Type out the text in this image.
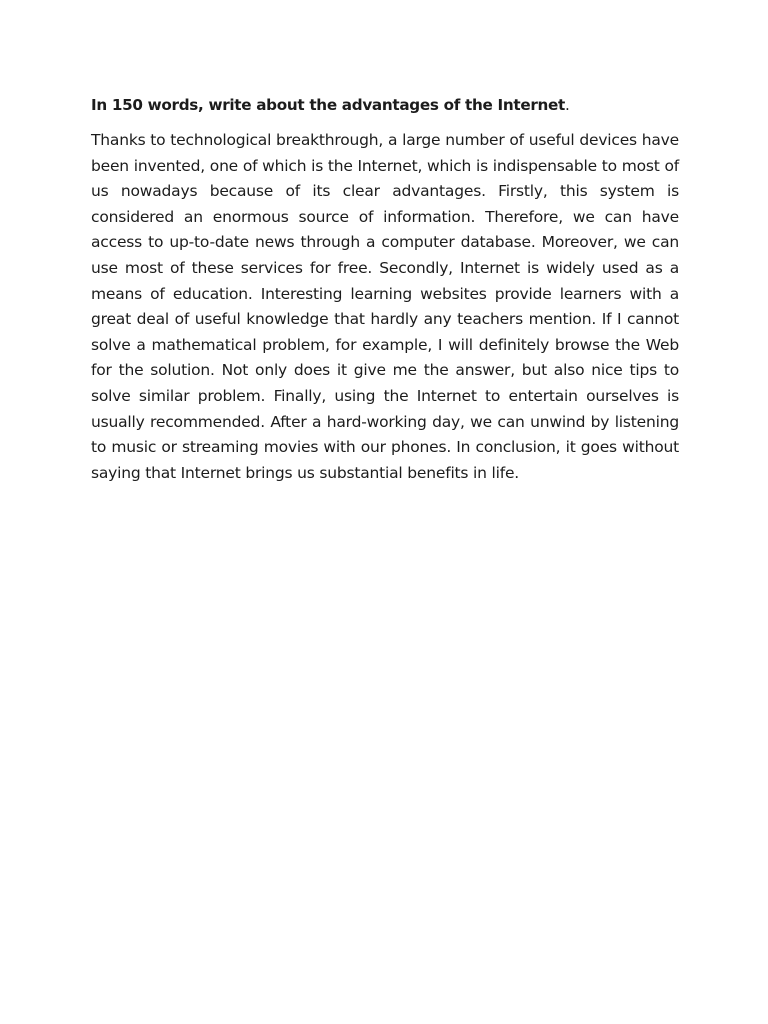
In 150 words, write about the advantages of the Internet.

Thanks to technological breakthrough, a large number of useful devices have been invented, one of which is the Internet, which is indispensable to most of us nowadays because of its clear advantages. Firstly, this system is considered an enormous source of information. Therefore, we can have access to up-to-date news through a computer database. Moreover, we can use most of these services for free. Secondly, Internet is widely used as a means of education. Interesting learning websites provide learners with a great deal of useful knowledge that hardly any teachers mention. If I cannot solve a mathematical problem, for example, I will definitely browse the Web for the solution. Not only does it give me the answer, but also nice tips to solve similar problem. Finally, using the Internet to entertain ourselves is usually recommended. After a hard-working day, we can unwind by listening to music or streaming movies with our phones. In conclusion, it goes without saying that Internet brings us substantial benefits in life.
